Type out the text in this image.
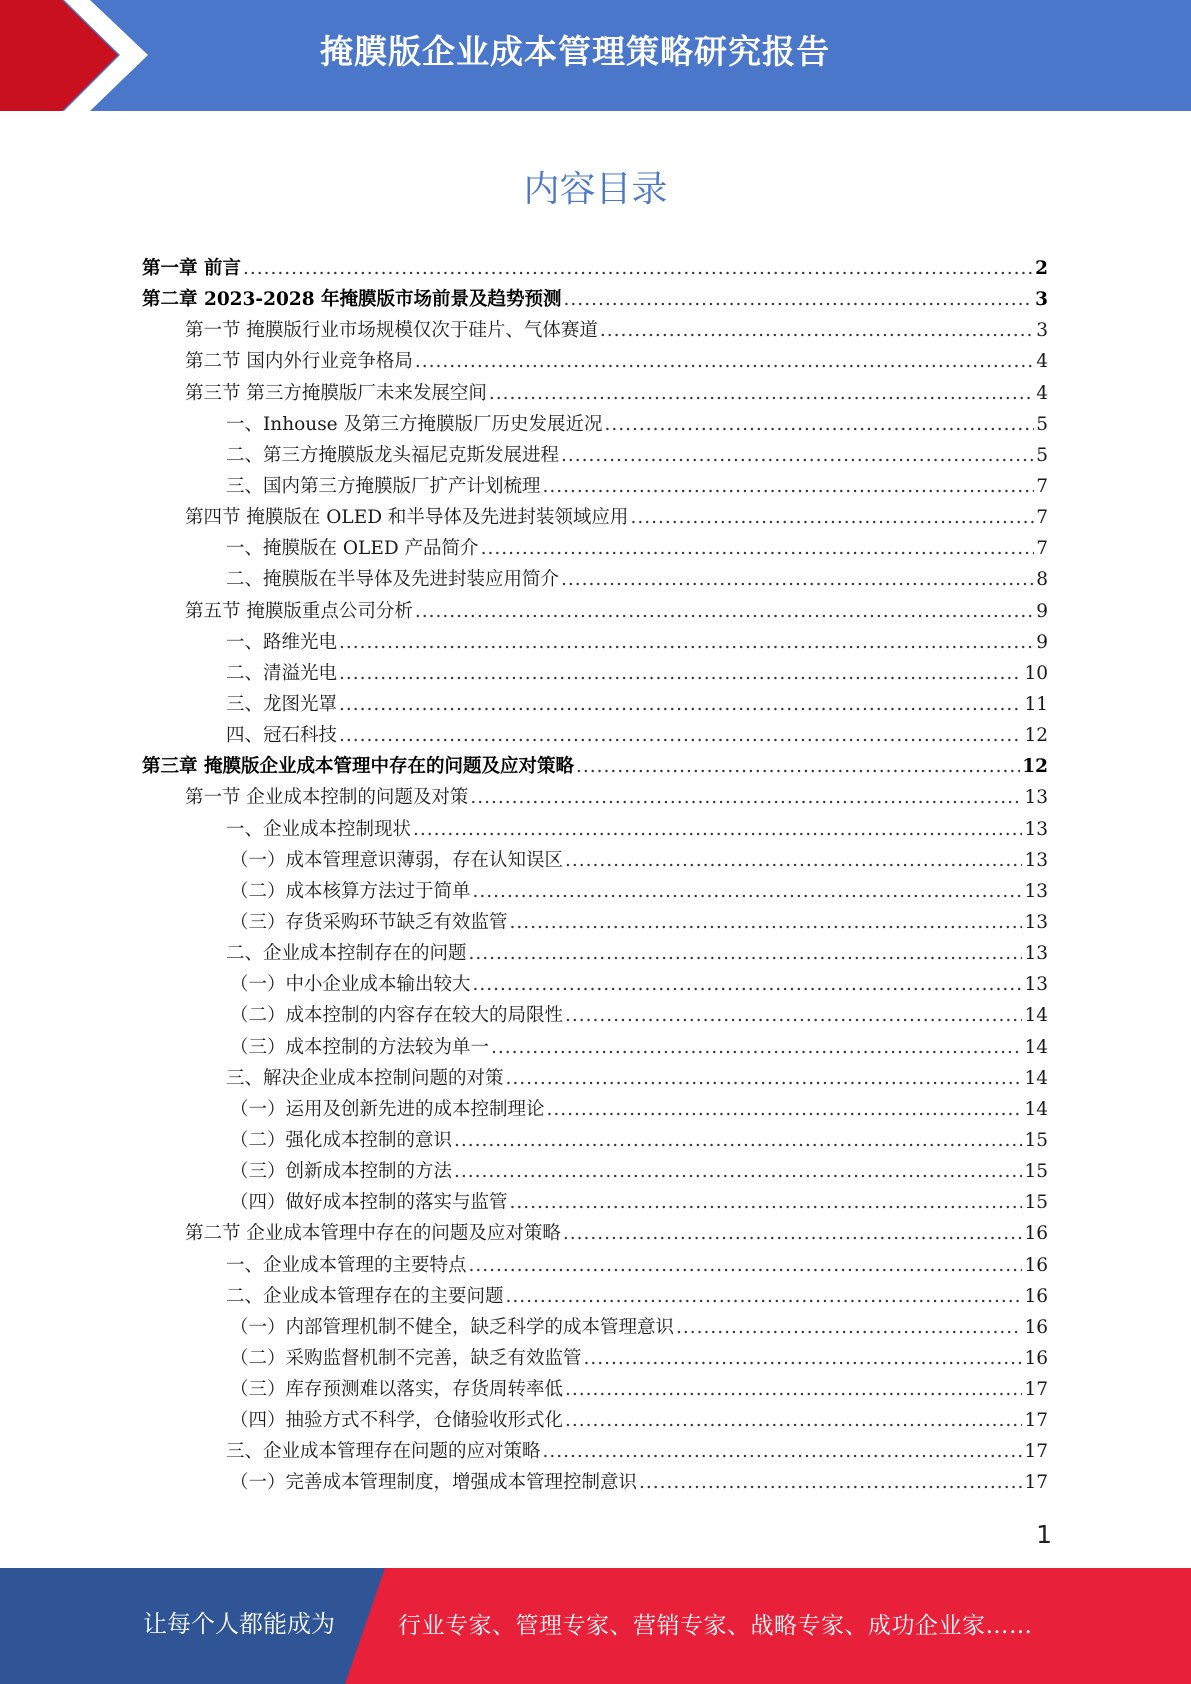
掩膜版企业成本管理策略研究报告
内容目录
第一章 前言 .....	2
第二章 2023-2028 年掩膜版市场前景及趋势预测 .....	3
第一节 掩膜版行业市场规模仅次于硅片、气体赛道 .....	3
第二节 国内外行业竞争格局 .....	4
第三节 第三方掩膜版厂未来发展空间 .....	4
一、Inhouse 及第三方掩膜版厂历史发展近况 .....	5
二、第三方掩膜版龙头福尼克斯发展进程 .....	5
三、国内第三方掩膜版厂扩产计划梳理 .....	7
第四节 掩膜版在 OLED 和半导体及先进封装领域应用 .....	7
一、掩膜版在 OLED 产品简介 .....	7
二、掩膜版在半导体及先进封装应用简介 .....	8
第五节 掩膜版重点公司分析 .....	9
一、路维光电 .....	9
二、清溢光电 .....	10
三、龙图光罩 .....	11
四、冠石科技 .....	12
第三章 掩膜版企业成本管理中存在的问题及应对策略 .....	12
第一节 企业成本控制的问题及对策 .....	13
一、企业成本控制现状 .....	13
（一）成本管理意识薄弱，存在认知误区 .....	13
（二）成本核算方法过于简单 .....	13
（三）存货采购环节缺乏有效监管 .....	13
二、企业成本控制存在的问题 .....	13
（一）中小企业成本输出较大 .....	13
（二）成本控制的内容存在较大的局限性 .....	14
（三）成本控制的方法较为单一 .....	14
三、解决企业成本控制问题的对策 .....	14
（一）运用及创新先进的成本控制理论 .....	14
（二）强化成本控制的意识 .....	15
（三）创新成本控制的方法 .....	15
（四）做好成本控制的落实与监管 .....	15
第二节 企业成本管理中存在的问题及应对策略 .....	16
一、企业成本管理的主要特点 .....	16
二、企业成本管理存在的主要问题 .....	16
（一）内部管理机制不健全，缺乏科学的成本管理意识 .....	16
（二）采购监督机制不完善，缺乏有效监管 .....	16
（三）库存预测难以落实，存货周转率低 .....	17
（四）抽验方式不科学，仓储验收形式化 .....	17
三、企业成本管理存在问题的应对策略 .....	17
（一）完善成本管理制度，增强成本管理控制意识 .....	17
1
让每个人都能成为	行业专家、管理专家、营销专家、战略专家、成功企业家……
